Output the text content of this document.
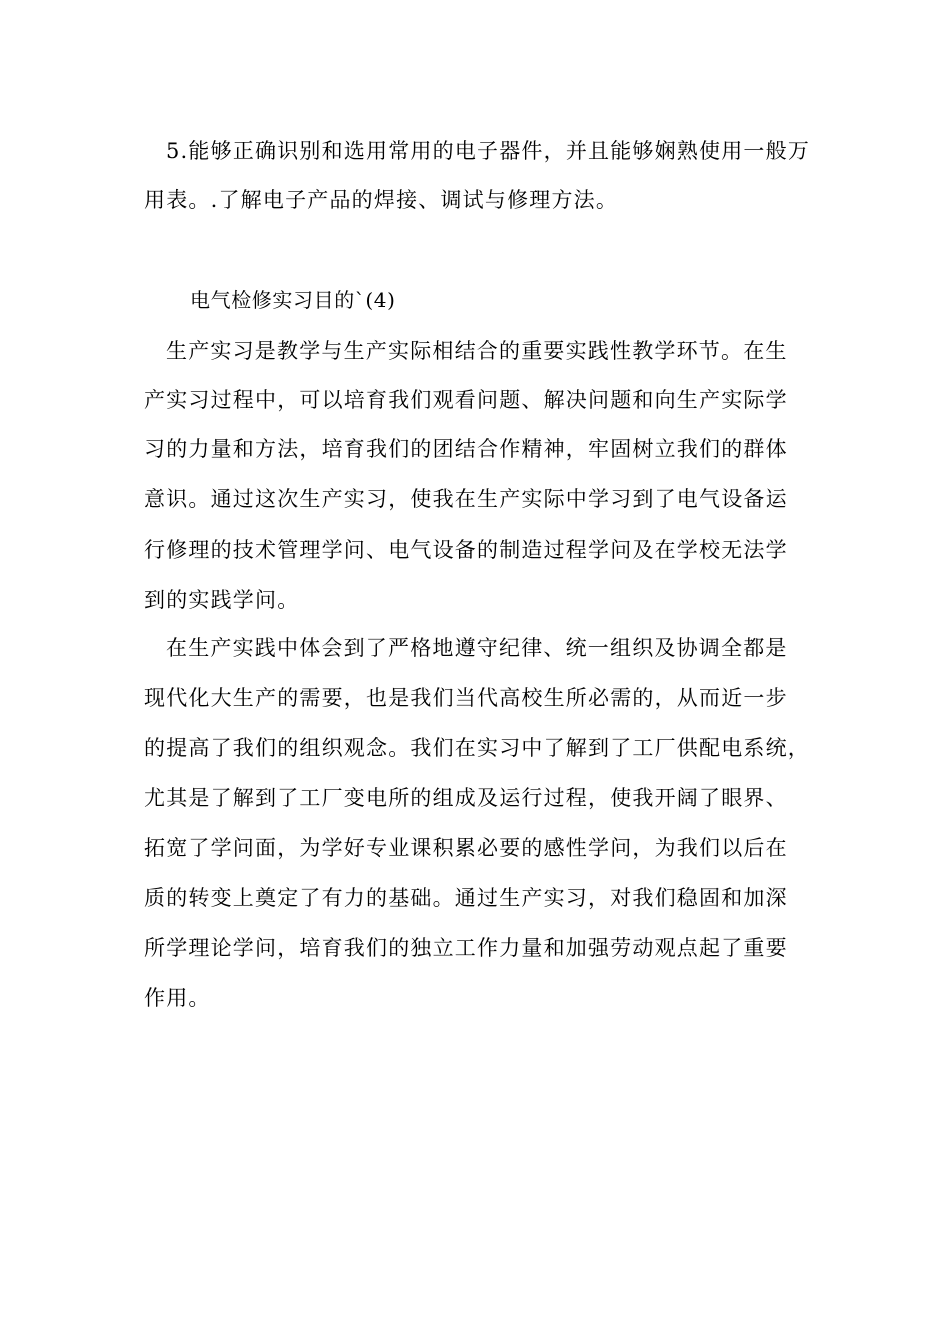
5.能够正确识别和选用常用的电子器件，并且能够娴熟使用一般万

用表。.了解电子产品的焊接、调试与修理方法。

电气检修实习目的`(4)

生产实习是教学与生产实际相结合的重要实践性教学环节。在生

产实习过程中，可以培育我们观看问题、解决问题和向生产实际学

习的力量和方法，培育我们的团结合作精神，牢固树立我们的群体

意识。通过这次生产实习，使我在生产实际中学习到了电气设备运

行修理的技术管理学问、电气设备的制造过程学问及在学校无法学

到的实践学问。

在生产实践中体会到了严格地遵守纪律、统一组织及协调全都是

现代化大生产的需要，也是我们当代高校生所必需的，从而近一步

的提高了我们的组织观念。我们在实习中了解到了工厂供配电系统，

尤其是了解到了工厂变电所的组成及运行过程，使我开阔了眼界、

拓宽了学问面，为学好专业课积累必要的感性学问，为我们以后在

质的转变上奠定了有力的基础。通过生产实习，对我们稳固和加深

所学理论学问，培育我们的独立工作力量和加强劳动观点起了重要

作用。
